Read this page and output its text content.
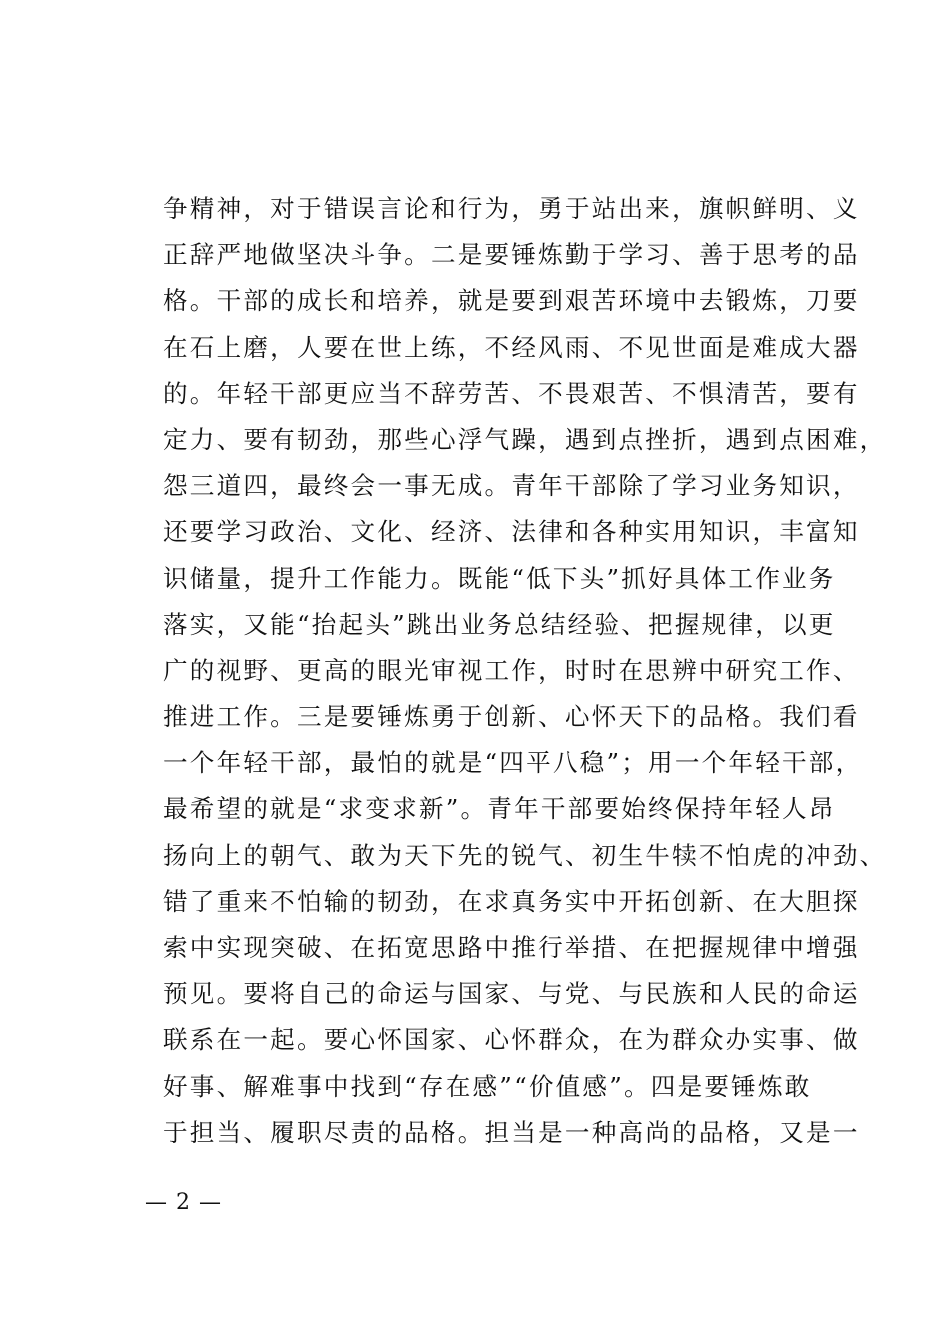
争精神，对于错误言论和行为，勇于站出来，旗帜鲜明、义
正辞严地做坚决斗争。二是要锤炼勤于学习、善于思考的品
格。干部的成长和培养，就是要到艰苦环境中去锻炼，刀要
在石上磨，人要在世上练，不经风雨、不见世面是难成大器
的。年轻干部更应当不辞劳苦、不畏艰苦、不惧清苦，要有
定力、要有韧劲，那些心浮气躁，遇到点挫折，遇到点困难，
怨三道四，最终会一事无成。青年干部除了学习业务知识，
还要学习政治、文化、经济、法律和各种实用知识，丰富知
识储量，提升工作能力。既能“低下头”抓好具体工作业务
落实，又能“抬起头”跳出业务总结经验、把握规律，以更
广的视野、更高的眼光审视工作，时时在思辨中研究工作、
推进工作。三是要锤炼勇于创新、心怀天下的品格。我们看
一个年轻干部，最怕的就是“四平八稳”；用一个年轻干部，
最希望的就是“求变求新”。青年干部要始终保持年轻人昂
扬向上的朝气、敢为天下先的锐气、初生牛犊不怕虎的冲劲、
错了重来不怕输的韧劲，在求真务实中开拓创新、在大胆探
索中实现突破、在拓宽思路中推行举措、在把握规律中增强
预见。要将自己的命运与国家、与党、与民族和人民的命运
联系在一起。要心怀国家、心怀群众，在为群众办实事、做
好事、解难事中找到“存在感”“价值感”。四是要锤炼敢
于担当、履职尽责的品格。担当是一种高尚的品格，又是一
— 2 —
